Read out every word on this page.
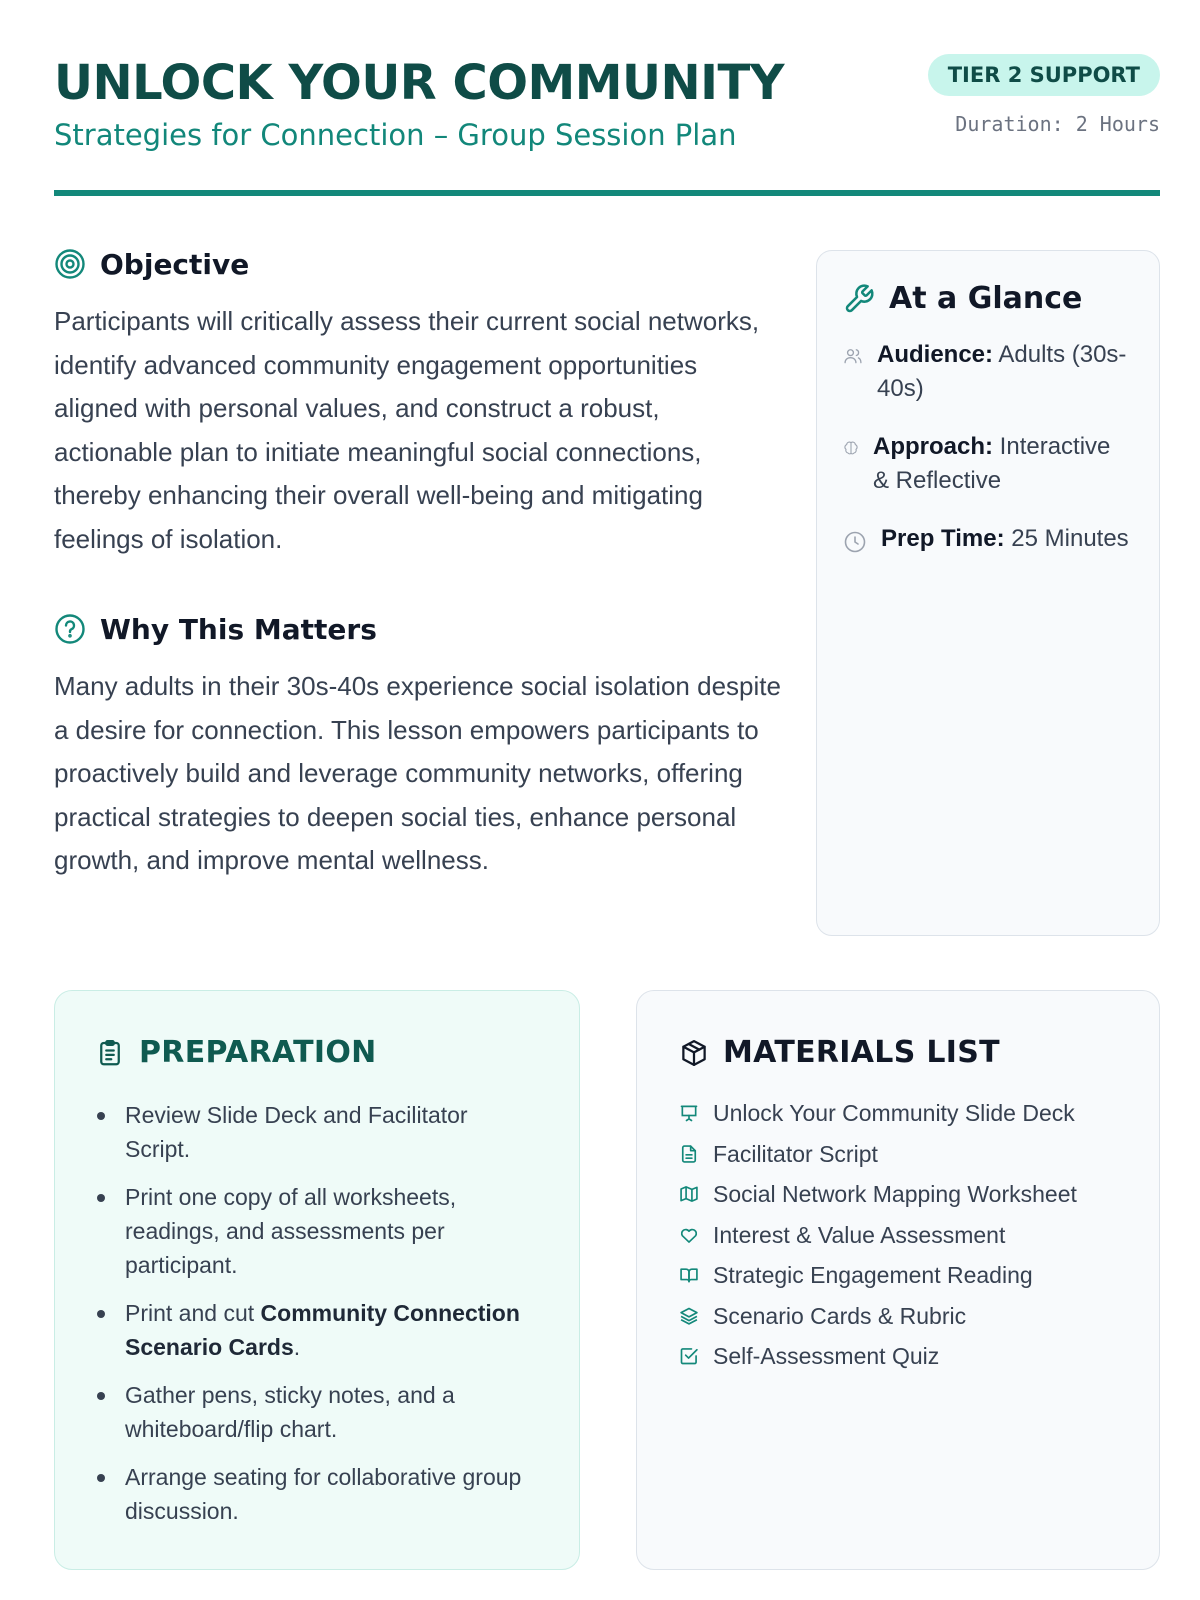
UNLOCK YOUR COMMUNITY
Strategies for Connection – Group Session Plan
TIER 2 SUPPORT
Duration: 2 Hours
Objective

Participants will critically assess their current social networks, identify advanced community engagement opportunities aligned with personal values, and construct a robust, actionable plan to initiate meaningful social connections, thereby enhancing their overall well-being and mitigating feelings of isolation.

Why This Matters

Many adults in their 30s-40s experience social isolation despite a desire for connection. This lesson empowers participants to proactively build and leverage community networks, offering practical strategies to deepen social ties, enhance personal growth, and improve mental wellness.

At a Glance
Audience: Adults (30s-40s)
Approach: Interactive & Reflective
Prep Time: 25 Minutes
PREPARATION
Review Slide Deck and Facilitator Script.
Print one copy of all worksheets, readings, and assessments per participant.
Print and cut Community Connection Scenario Cards.
Gather pens, sticky notes, and a whiteboard/flip chart.
Arrange seating for collaborative group discussion.
MATERIALS LIST
Unlock Your Community Slide Deck
Facilitator Script
Social Network Mapping Worksheet
Interest & Value Assessment
Strategic Engagement Reading
Scenario Cards & Rubric
Self-Assessment Quiz
